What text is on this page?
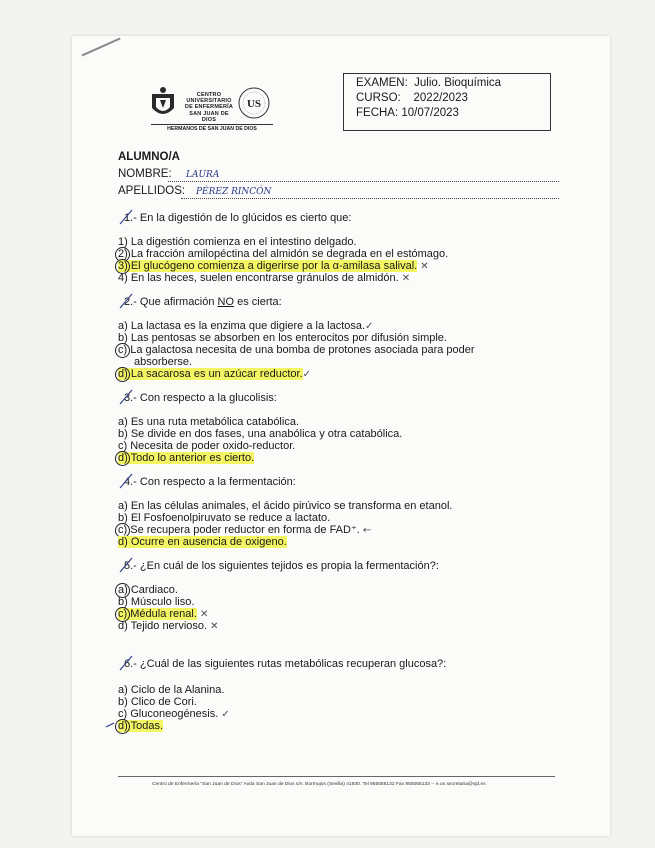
CENTRO
UNIVERSITARIO
DE ENFERMERÍA
SAN JUAN DE DIOS
US
HERMANOS DE SAN JUAN DE DIOS
EXAMEN:  Julio. Bioquímica
CURSO:    2022/2023
FECHA: 10/07/2023
ALUMNO/A
NOMBRE: LAURA
APELLIDOS: PÉREZ RINCÓN
1.- En la digestión de lo glúcidos es cierto que:
1) La digestión comienza en el intestino delgado.
2) La fracción amilopéctina del almidón se degrada en el estómago.
3) El glucógeno comienza a digerirse por la α-amilasa salival. ✕
4) En las heces, suelen encontrarse gránulos de almidón. ✕
2.- Que afirmación NO es cierta:
a) La lactasa es la enzima que digiere a la lactosa.✓
b) Las pentosas se absorben en los enterocitos por difusión simple.
c) La galactosa necesita de una bomba de protones asociada para poder
absorberse.
d) La sacarosa es un azúcar reductor.✓
3.- Con respecto a la glucolisis:
a) Es una ruta metabólica catabólica.
b) Se divide en dos fases, una anabólica y otra catabólica.
c) Necesita de poder oxido-reductor.
d) Todo lo anterior es cierto.
4.- Con respecto a la fermentación:
a) En las células animales, el ácido pirúvico se transforma en etanol.
b) El Fosfoenolpiruvato se reduce a lactato.
c) Se recupera poder reductor en forma de FAD⁺. ←
d) Ocurre en ausencia de oxigeno.
5.- ¿En cuál de los siguientes tejidos es propia la fermentación?:
a) Cardiaco.
b) Músculo liso.
c) Médula renal. ✕
d) Tejido nervioso. ✕
6.- ¿Cuál de las siguientes rutas metabólicas recuperan glucosa?:
a) Ciclo de la Alanina.
b) Clico de Cori.
c) Gluconeogénesis. ✓
d) Todas.
Centro de Enfermería "San Juan de Dios" Avda San Juan de Dios s/n. Bormujos (Sevilla) 41930. Tel 955055132 Fax 955055133 -- e.us secretaria@sjd.es
